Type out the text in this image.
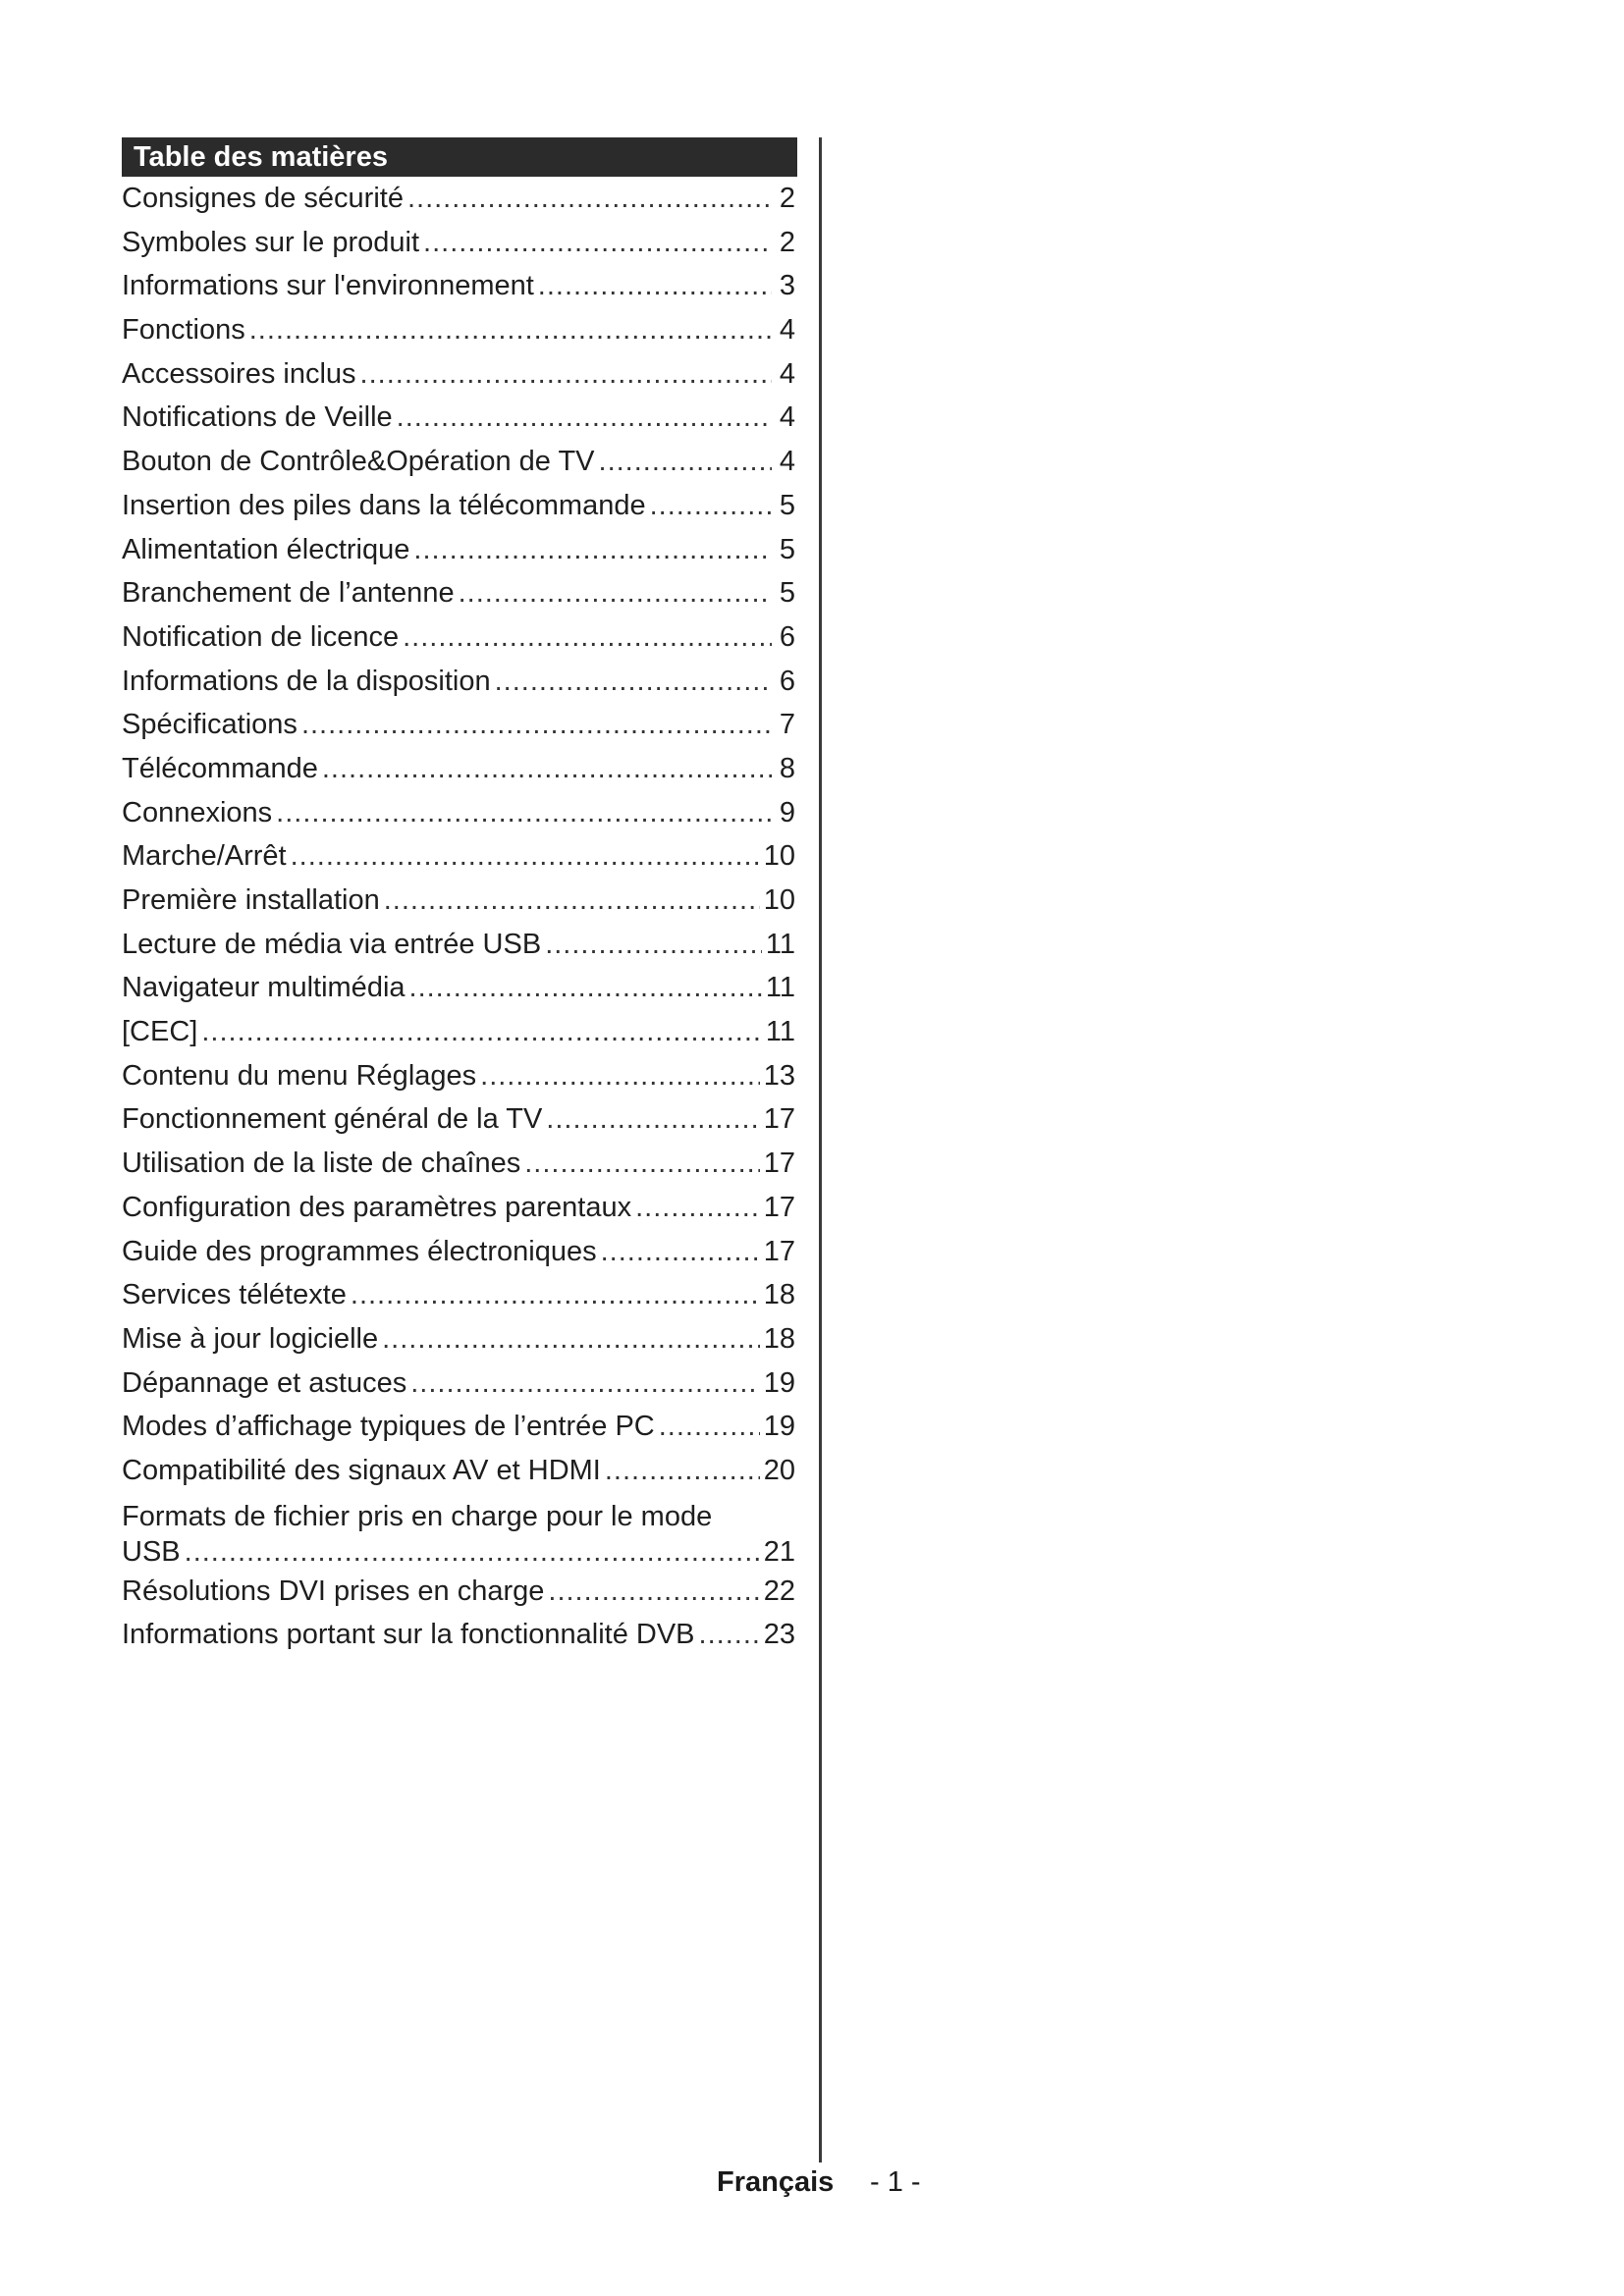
Table des matières
Consignes de sécurité .....	2
Symboles sur le produit .....	2
Informations sur l'environnement .....	3
Fonctions .....	4
Accessoires inclus .....	4
Notifications de Veille .....	4
Bouton de Contrôle&Opération de TV .....	4
Insertion des piles dans la télécommande .....	5
Alimentation électrique .....	5
Branchement de l’antenne .....	5
Notification de licence .....	6
Informations de la disposition .....	6
Spécifications .....	7
Télécommande .....	8
Connexions .....	9
Marche/Arrêt .....	10
Première installation .....	10
Lecture de média via entrée USB .....	11
Navigateur multimédia .....	11
[CEC] .....	11
Contenu du menu Réglages .....	13
Fonctionnement général de la TV .....	17
Utilisation de la liste de chaînes .....	17
Configuration des paramètres parentaux .....	17
Guide des programmes électroniques .....	17
Services télétexte .....	18
Mise à jour logicielle .....	18
Dépannage et astuces .....	19
Modes d’affichage typiques de l’entrée PC .....	19
Compatibilité des signaux AV et HDMI .....	20
Formats de fichier pris en charge pour le mode
USB .....	21
Résolutions DVI prises en charge .....	22
Informations portant sur la fonctionnalité DVB ..... 23
Français - 1 -
